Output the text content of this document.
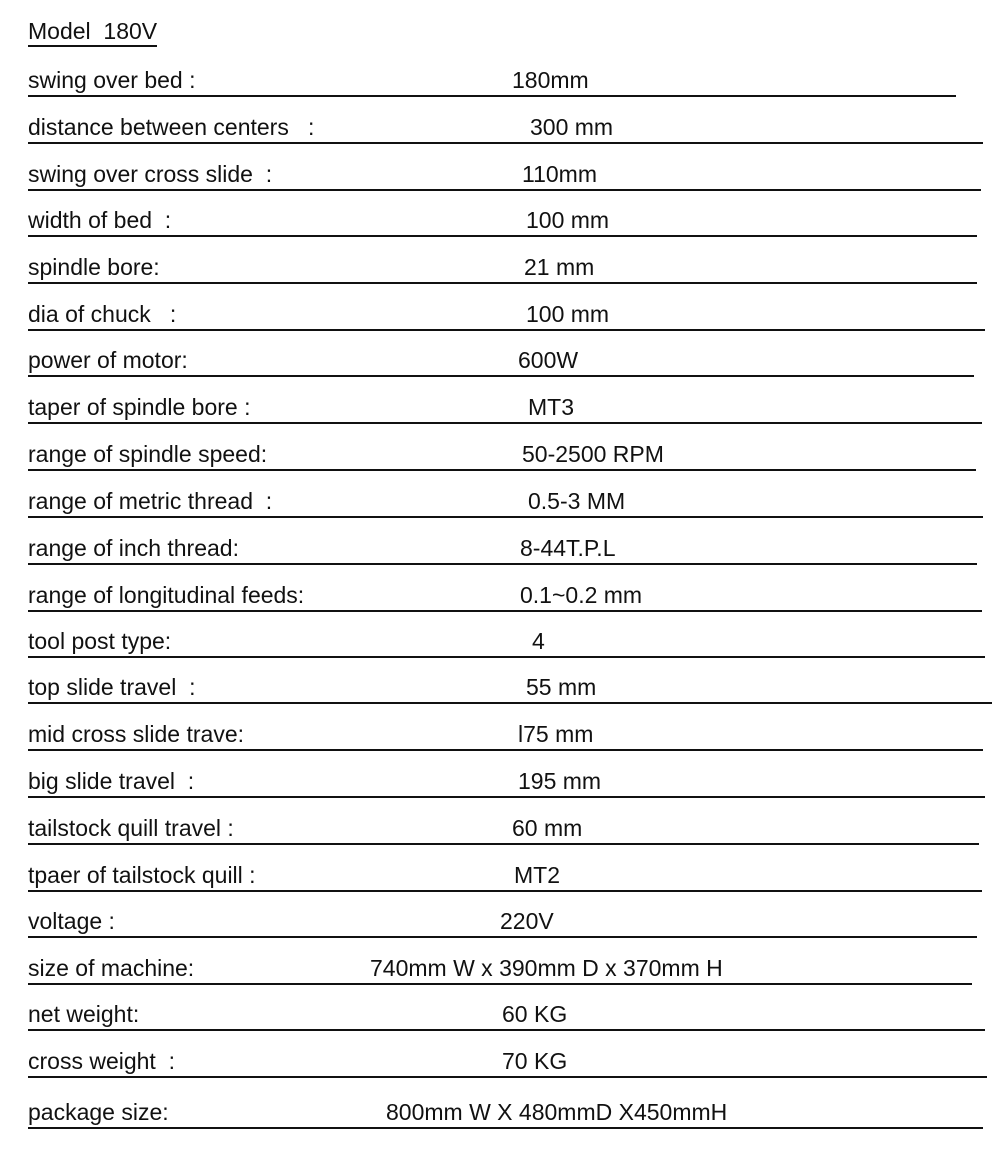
Model  180V
swing over bed :	180mm
distance between centers   :	300 mm
swing over cross slide  :	110mm
width of bed  :	100 mm
spindle bore:	21 mm
dia of chuck   :	100 mm
power of motor:	600W
taper of spindle bore :	MT3
range of spindle speed:	50-2500 RPM
range of metric thread  :	0.5-3 MM
range of inch thread:	8-44T.P.L
range of longitudinal feeds:	0.1~0.2 mm
tool post type:	4
top slide travel  :	55 mm
mid cross slide trave:	l75 mm
big slide travel  :	195 mm
tailstock quill travel :	60 mm
tpaer of tailstock quill :	MT2
voltage :	220V
size of machine:	740mm W x 390mm D x 370mm H
net weight:	60 KG
cross weight  :	70 KG
package size:	800mm W X 480mmD X450mmH
